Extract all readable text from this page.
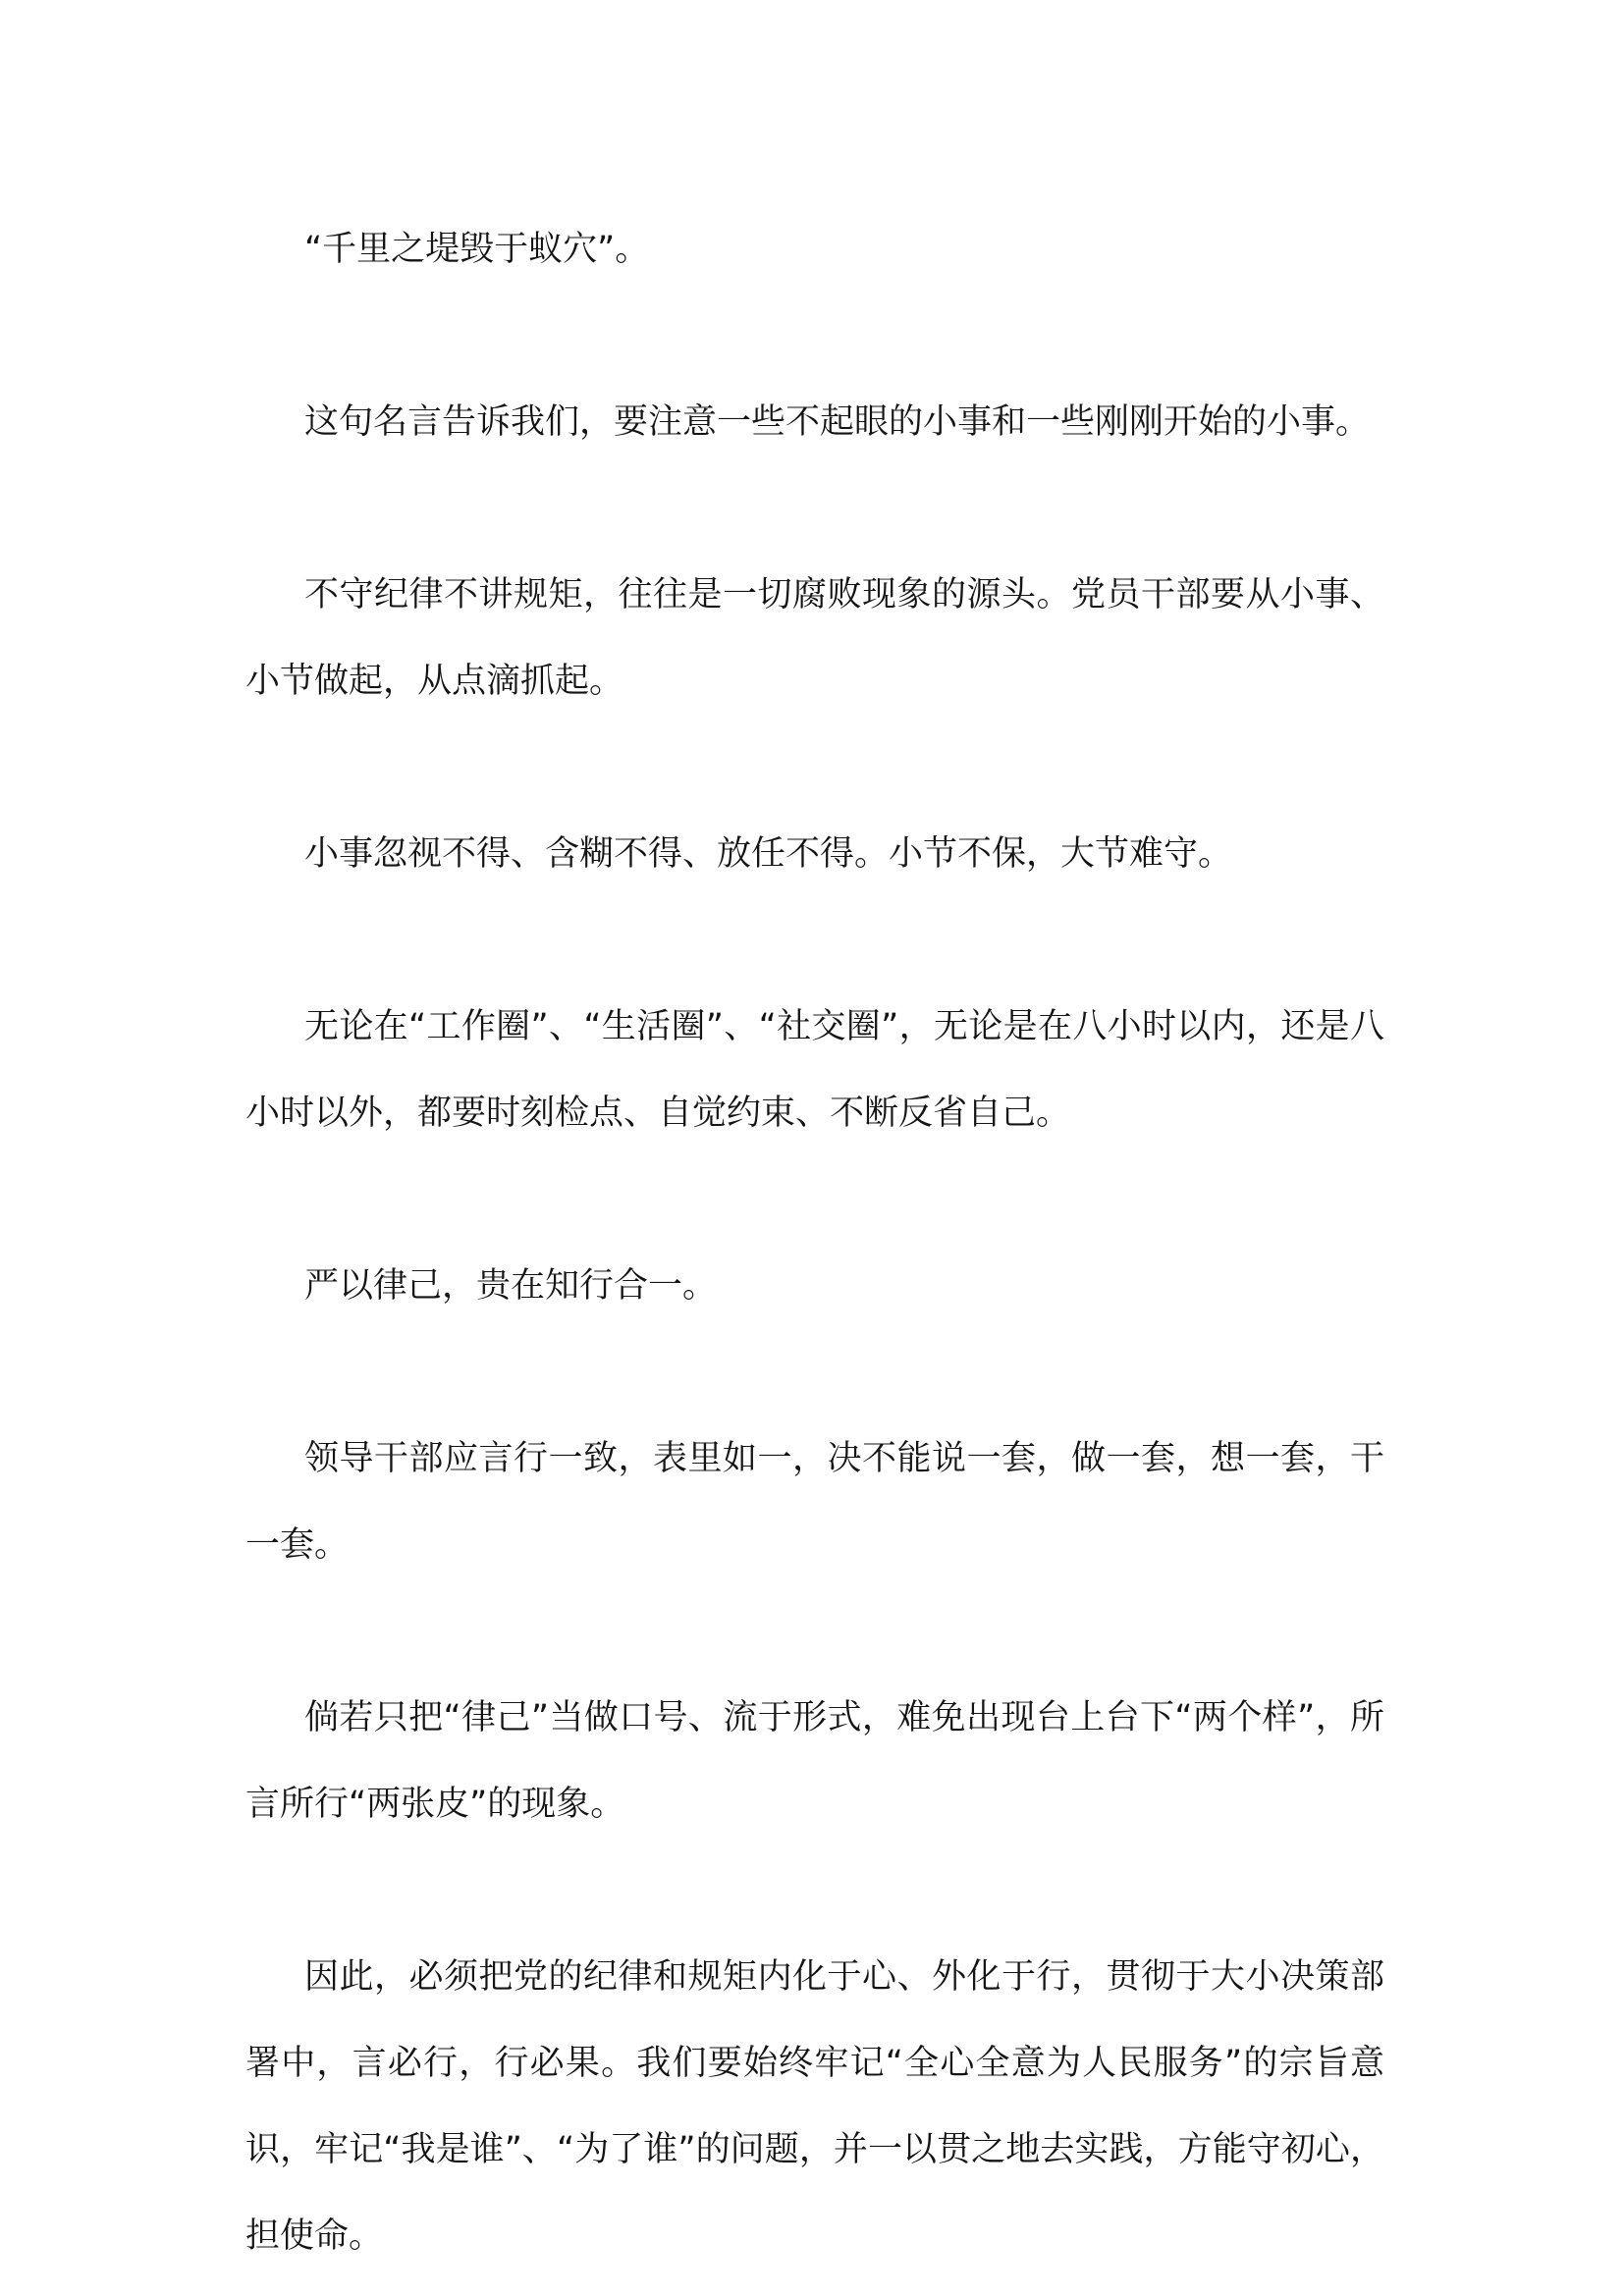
“千里之堤毁于蚁穴”。

这句名言告诉我们，要注意一些不起眼的小事和一些刚刚开始的小事。

不守纪律不讲规矩，往往是一切腐败现象的源头。党员干部要从小事、小节做起，从点滴抓起。

小事忽视不得、含糊不得、放任不得。小节不保，大节难守。

无论在“工作圈”、“生活圈”、“社交圈”，无论是在八小时以内，还是八小时以外，都要时刻检点、自觉约束、不断反省自己。

严以律己，贵在知行合一。

领导干部应言行一致，表里如一，决不能说一套，做一套，想一套，干一套。

倘若只把“律己”当做口号、流于形式，难免出现台上台下“两个样”，所言所行“两张皮”的现象。

因此，必须把党的纪律和规矩内化于心、外化于行，贯彻于大小决策部署中，言必行，行必果。我们要始终牢记“全心全意为人民服务”的宗旨意识，牢记“我是谁”、“为了谁”的问题，并一以贯之地去实践，方能守初心，担使命。
